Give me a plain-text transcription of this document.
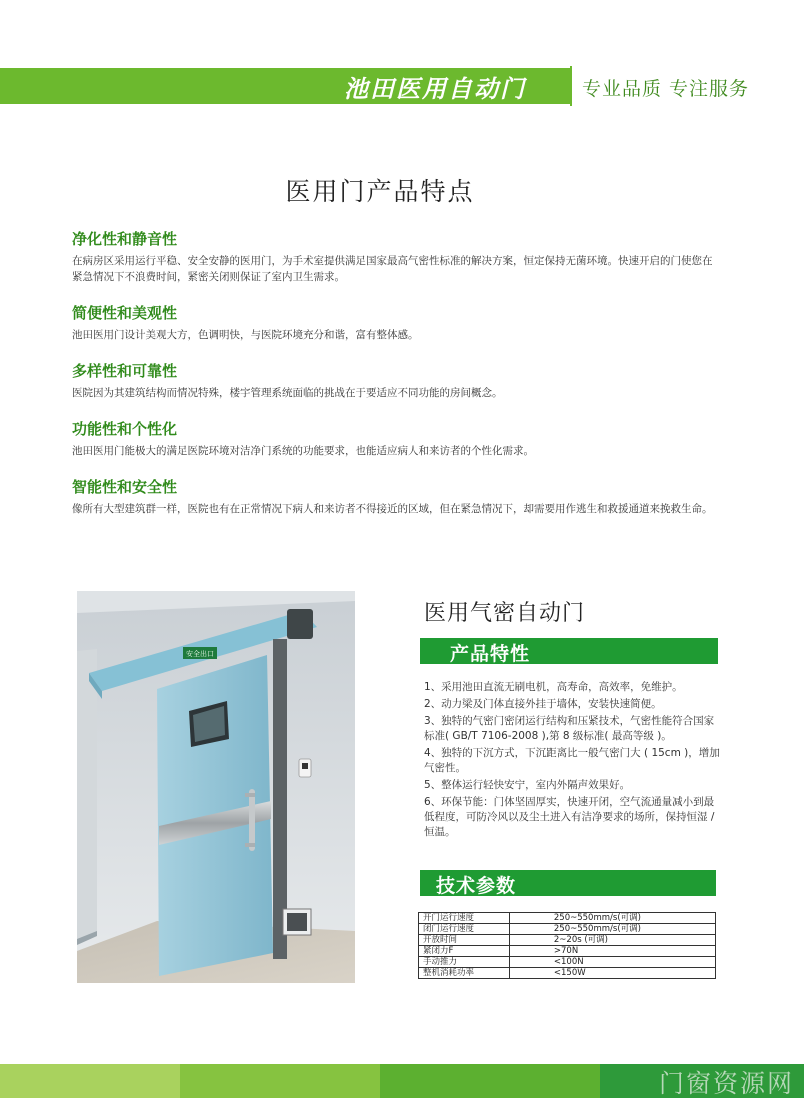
池田医用自动门	专业品质 专注服务
医用门产品特点
净化性和静音性

在病房区采用运行平稳、安全安静的医用门，为手术室提供满足国家最高气密性标准的解决方案，恒定保持无菌环境。快速开启的门使您在紧急情况下不浪费时间，紧密关闭则保证了室内卫生需求。

简便性和美观性

池田医用门设计美观大方，色调明快，与医院环境充分和谐，富有整体感。

多样性和可靠性

医院因为其建筑结构而情况特殊，楼宇管理系统面临的挑战在于要适应不同功能的房间概念。

功能性和个性化

池田医用门能极大的满足医院环境对洁净门系统的功能要求，也能适应病人和来访者的个性化需求。

智能性和安全性

像所有大型建筑群一样，医院也有在正常情况下病人和来访者不得接近的区域，但在紧急情况下，却需要用作逃生和救援通道来挽救生命。

安全出口
医用气密自动门
产品特性
1、采用池田直流无刷电机，高寿命，高效率，免维护。
2、动力梁及门体直接外挂于墙体，安装快速简便。
3、独特的气密门密闭运行结构和压紧技术，气密性能符合国家标准( GB/T 7106-2008 ),第 8 级标准( 最高等级 )。
4、独特的下沉方式，下沉距离比一般气密门大 ( 15cm )，增加气密性。
5、整体运行轻快安宁，室内外隔声效果好。
6、环保节能：门体坚固厚实，快速开闭，空气流通量减小到最低程度，可防冷风以及尘土进入有洁净要求的场所，保持恒湿 / 恒温。
技术参数
开门运行速度	250~550mm/s(可调)
闭门运行速度	250~550mm/s(可调)
开放时间	2~20s (可调)
紧闭力F	>70N
手动推力	<100N
整机消耗功率	<150W
门窗资源网
